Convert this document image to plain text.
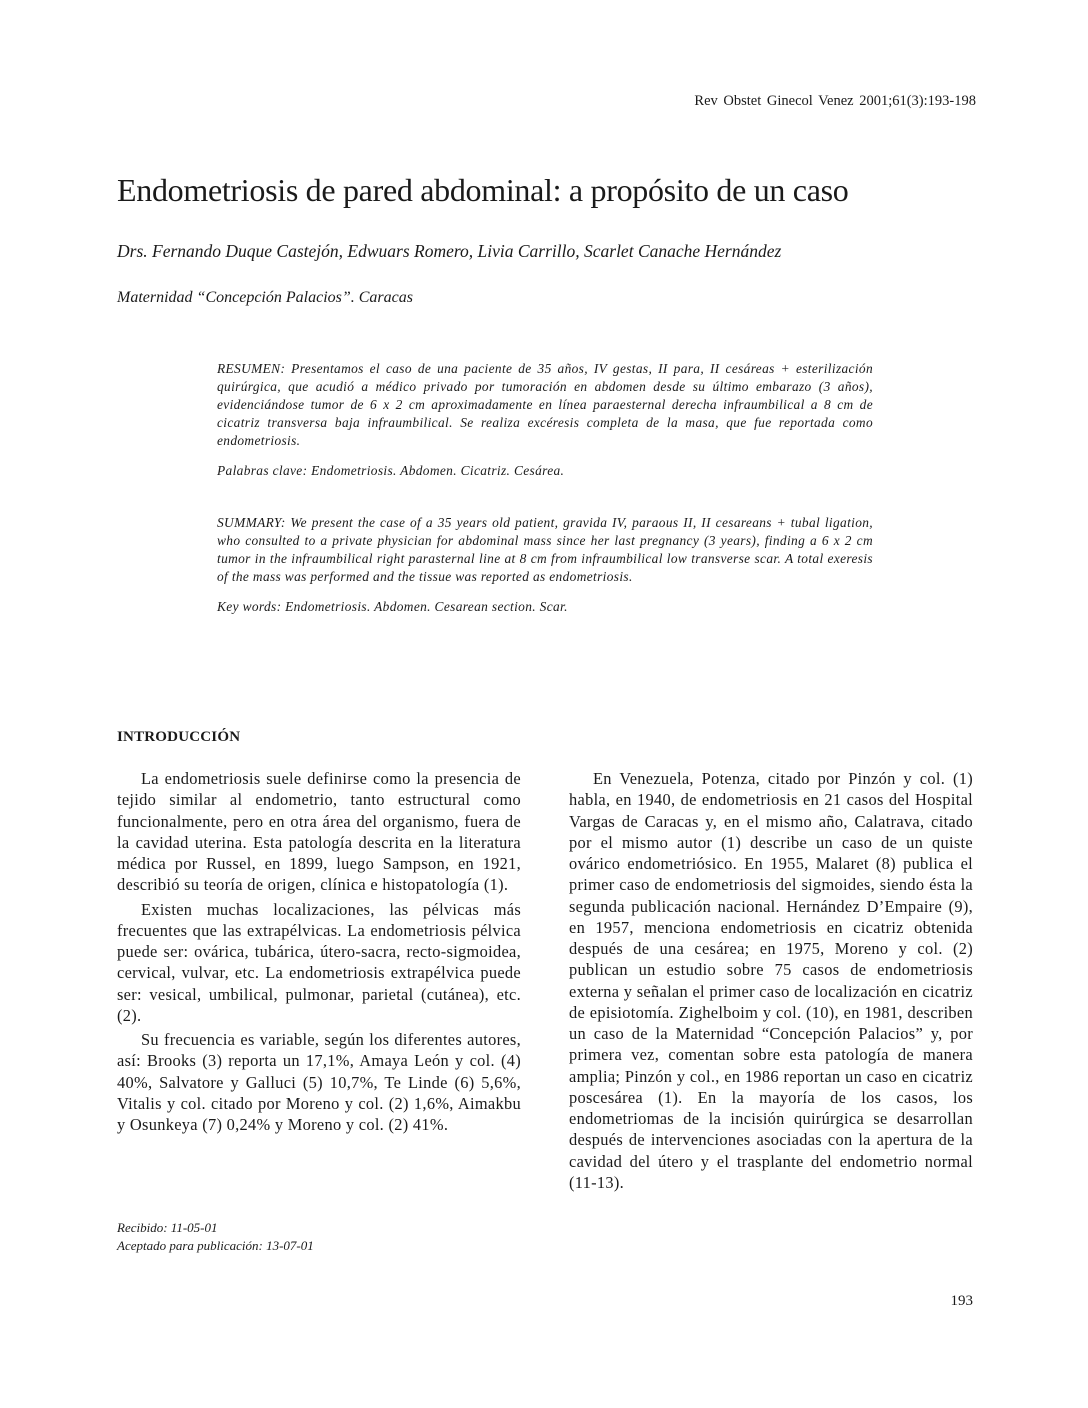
Rev Obstet Ginecol Venez 2001;61(3):193-198
Endometriosis de pared abdominal: a propósito de un caso
Drs. Fernando Duque Castejón, Edwuars Romero, Livia Carrillo, Scarlet Canache Hernández
Maternidad “Concepción Palacios”. Caracas

RESUMEN: Presentamos el caso de una paciente de 35 años, IV gestas, II para, II cesáreas + esterilización quirúrgica, que acudió a médico privado por tumoración en abdomen desde su último embarazo (3 años), evidenciándose tumor de 6 x 2 cm aproximadamente en línea paraesternal derecha infraumbilical a 8 cm de cicatriz transversa baja infraumbilical. Se realiza excéresis completa de la masa, que fue reportada como endometriosis.

Palabras clave: Endometriosis. Abdomen. Cicatriz. Cesárea.

SUMMARY: We present the case of a 35 years old patient, gravida IV, paraous II, II cesareans + tubal ligation, who consulted to a private physician for abdominal mass since her last pregnancy (3 years), finding a 6 x 2 cm tumor in the infraumbilical right parasternal line at 8 cm from infraumbilical low transverse scar. A total exeresis of the mass was performed and the tissue was reported as endometriosis.

Key words: Endometriosis. Abdomen. Cesarean section. Scar.

INTRODUCCIÓN

La endometriosis suele definirse como la presencia de tejido similar al endometrio, tanto estructural como funcionalmente, pero en otra área del organismo, fuera de la cavidad uterina. Esta patología descrita en la literatura médica por Russel, en 1899, luego Sampson, en 1921, describió su teoría de origen, clínica e histopatología (1).

Existen muchas localizaciones, las pélvicas más frecuentes que las extrapélvicas. La endometriosis pélvica puede ser: ovárica, tubárica, útero-sacra, recto-sigmoidea, cervical, vulvar, etc. La endometriosis extrapélvica puede ser: vesical, umbilical, pulmonar, parietal (cutánea), etc. (2).

Su frecuencia es variable, según los diferentes autores, así: Brooks (3) reporta un 17,1%, Amaya León y col. (4) 40%, Salvatore y Galluci (5) 10,7%, Te Linde (6) 5,6%, Vitalis y col. citado por Moreno y col. (2) 1,6%, Aimakbu y Osunkeya (7) 0,24% y Moreno y col. (2) 41%.

En Venezuela, Potenza, citado por Pinzón y col. (1) habla, en 1940, de endometriosis en 21 casos del Hospital Vargas de Caracas y, en el mismo año, Calatrava, citado por el mismo autor (1) describe un caso de un quiste ovárico endometriósico. En 1955, Malaret (8) publica el primer caso de endometriosis del sigmoides, siendo ésta la segunda publicación nacional. Hernández D’Empaire (9), en 1957, menciona endometriosis en cicatriz obtenida después de una cesárea; en 1975, Moreno y col. (2) publican un estudio sobre 75 casos de endometriosis externa y señalan el primer caso de localización en cicatriz de episiotomía. Zighelboim y col. (10), en 1981, describen un caso de la Maternidad “Concepción Palacios” y, por primera vez, comentan sobre esta patología de manera amplia; Pinzón y col., en 1986 reportan un caso en cicatriz poscesárea (1). En la mayoría de los casos, los endometriomas de la incisión quirúrgica se desarrollan después de intervenciones asociadas con la apertura de la cavidad del útero y el trasplante del endometrio normal (11-13).

Recibido: 11-05-01
Aceptado para publicación: 13-07-01
193
